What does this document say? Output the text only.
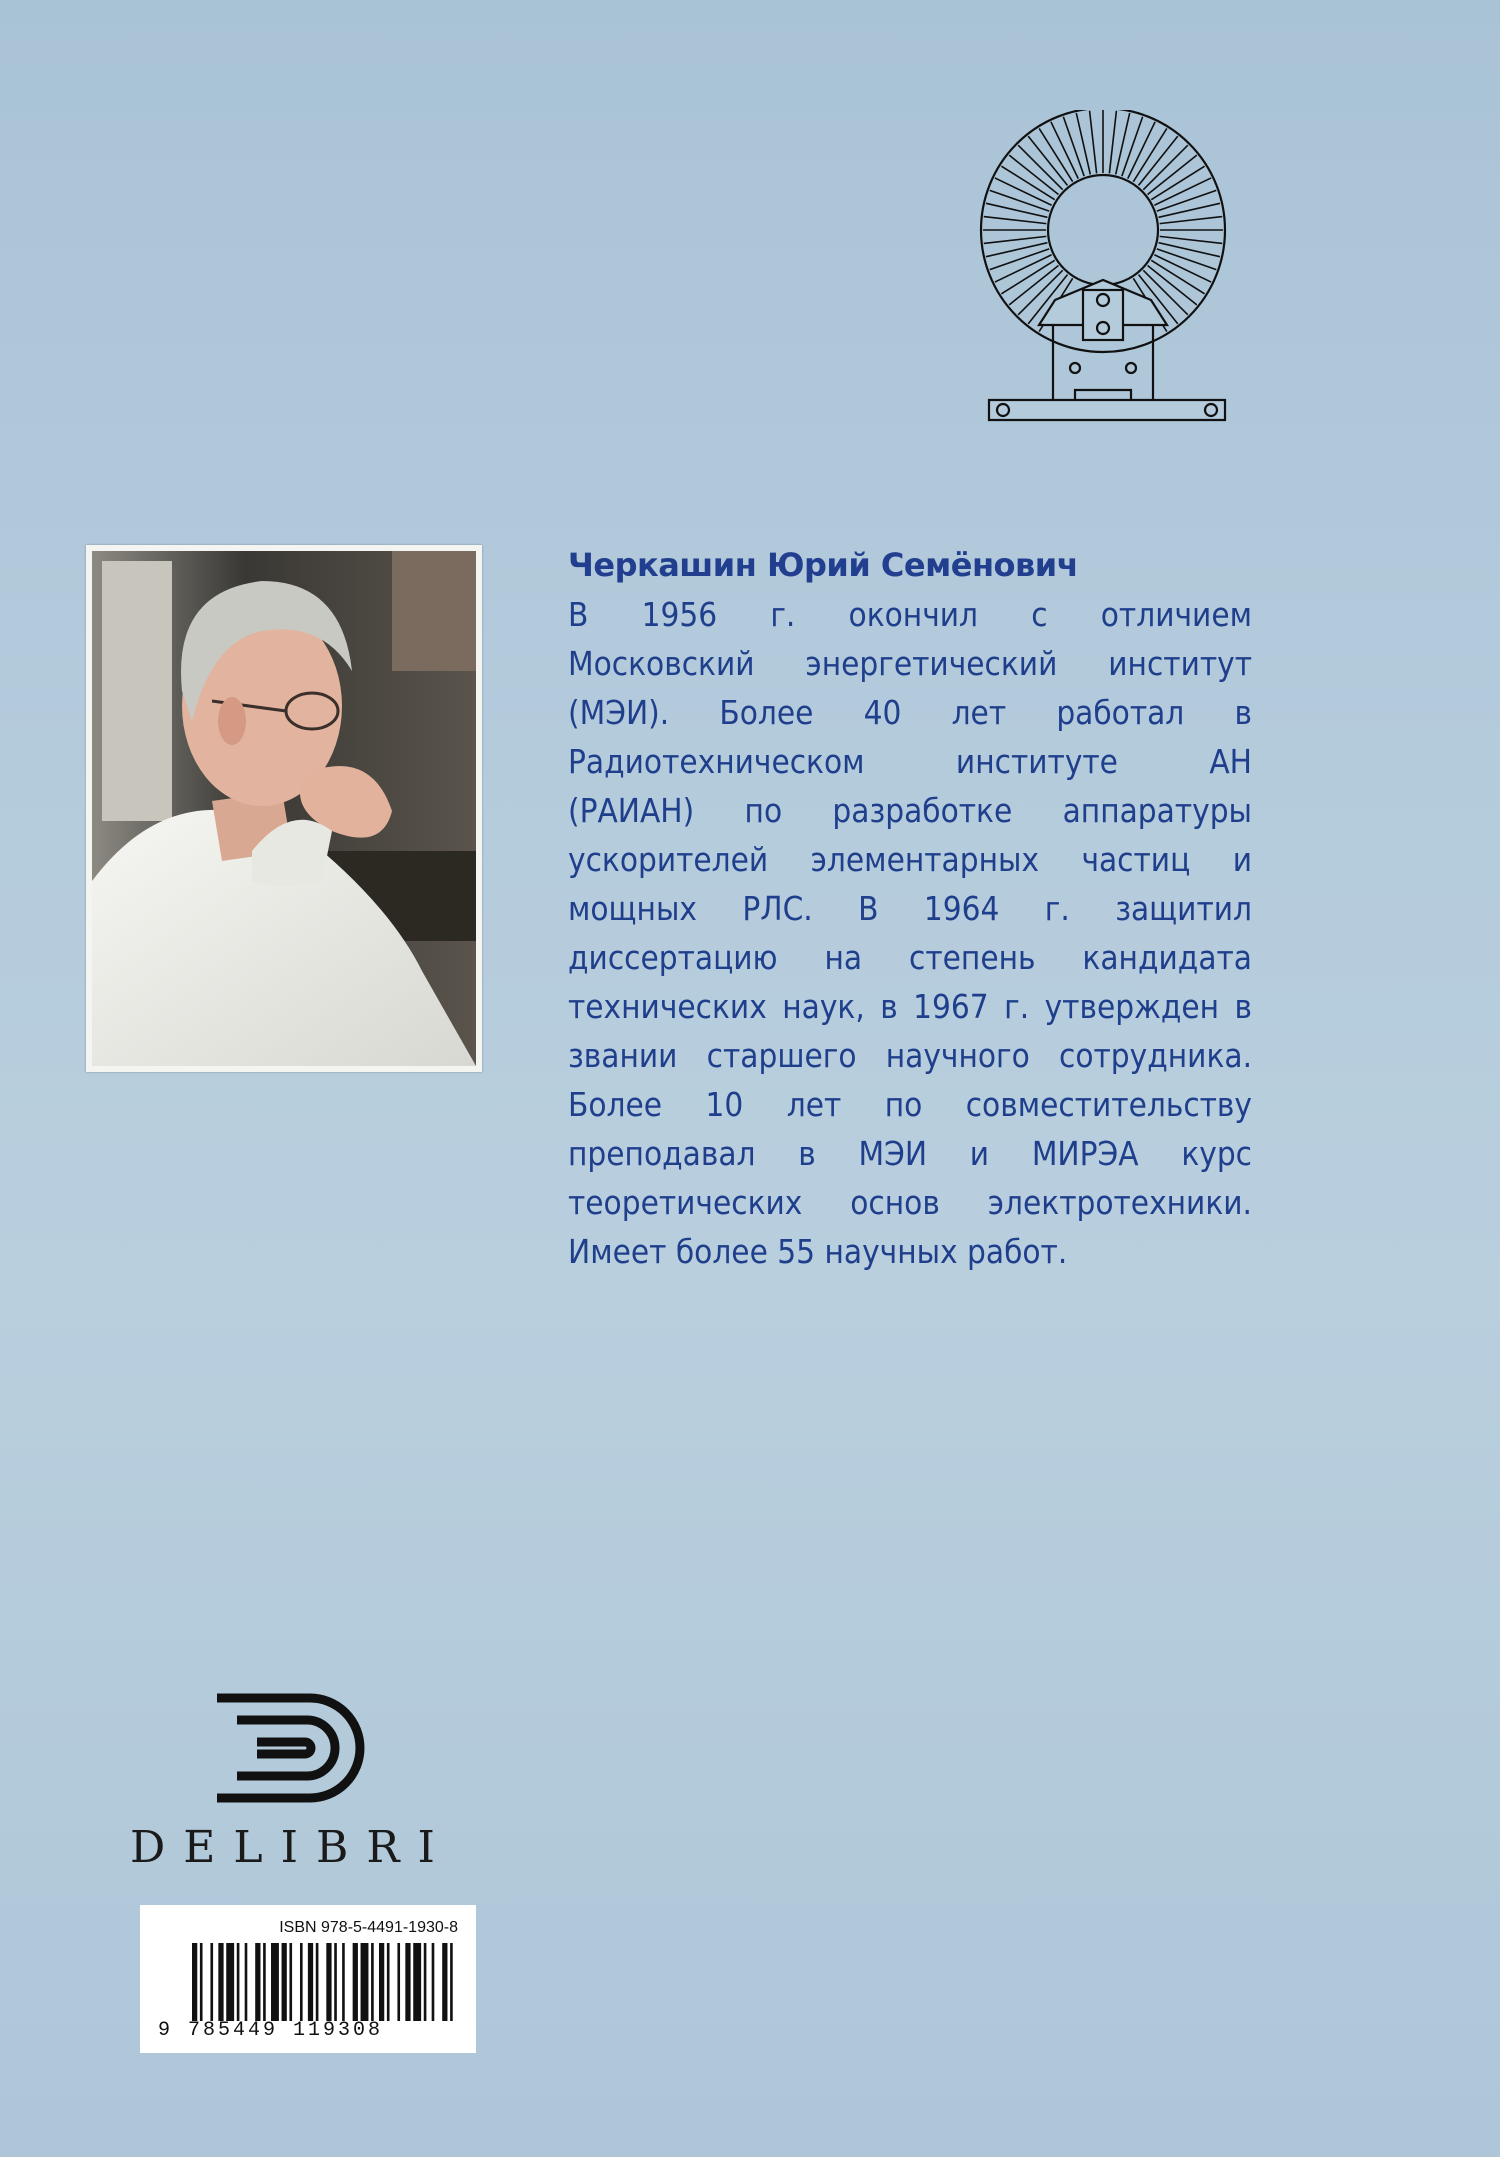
Черкашин Юрий Семёнович

В 1956 г. окончил с отличием

Московский энергетический институт

(МЭИ). Более 40 лет работал в

Радиотехническом институте АН

(РАИАН) по разработке аппаратуры

ускорителей элементарных частиц и

мощных РЛС. В 1964 г. защитил

диссертацию на степень кандидата

технических наук, в 1967 г. утвержден в

звании старшего научного сотрудника.

Более 10 лет по совместительству

преподавал в МЭИ и МИРЭА курс

теоретических основ электротехники.

Имеет более 55 научных работ.

DELIBRI

ISBN 978-5-4491-1930-8

9 785449 119308
